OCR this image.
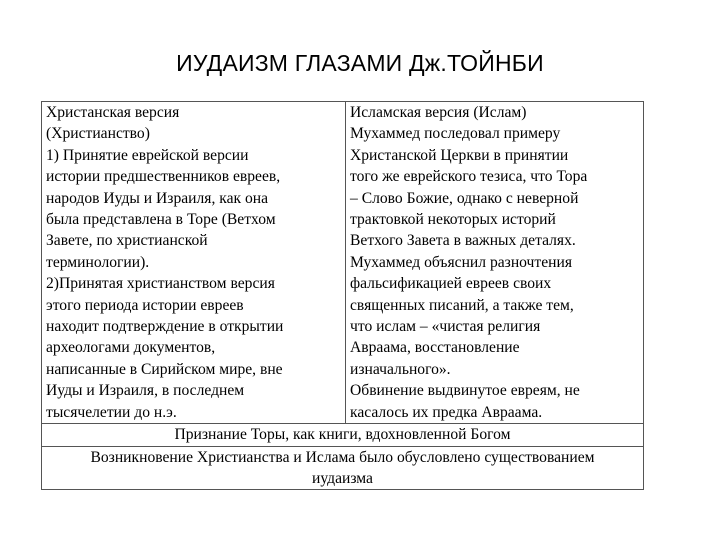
ИУДАИЗМ ГЛАЗАМИ Дж.ТОЙНБИ
Христанская версия
(Христианство)
1) Принятие еврейской версии
истории предшественников евреев,
народов Иуды и Израиля, как она
была представлена в Торе (Ветхом
Завете, по христианской
терминологии).
2)Принятая христианством версия
этого периода истории евреев
находит подтверждение в открытии
археологами документов,
написанные в Сирийском мире, вне
Иуды и Израиля, в последнем
тысячелетии до н.э.

Исламская версия (Ислам)
Мухаммед последовал примеру
Христанской Церкви в принятии
того же еврейского тезиса, что Тора
– Слово Божие, однако с неверной
трактовкой некоторых историй
Ветхого Завета в важных деталях.
Мухаммед объяснил разночтения
фальсификацией евреев своих
священных писаний, а также тем,
что ислам – «чистая религия
Авраама, восстановление
изначального».
Обвинение выдвинутое евреям, не
касалось их предка Авраама.

Признание Торы, как книги, вдохновленной Богом

Возникновение Христианства и Ислама было обусловлено существованием
иудаизма
